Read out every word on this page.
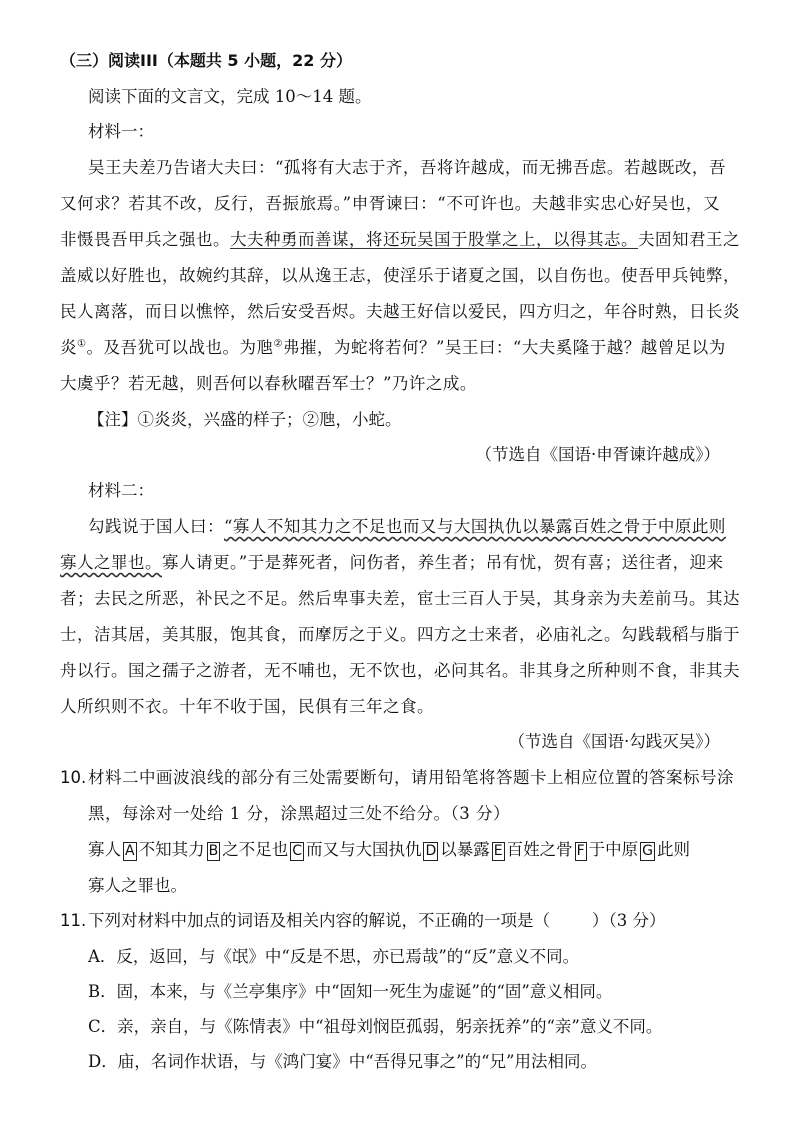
（三）阅读III（本题共 5 小题，22 分）
阅读下面的文言文，完成 10～14 题。
材料一：
吴王夫差乃告诸大夫曰：“孤将有大志于齐，吾将许越成，而无拂吾虑。若越既改，吾
又何求？若其不改，反行，吾振旅焉。”申胥谏曰：“不可许也。夫越非实忠心好吴也，又
非慑畏吾甲兵之强也。大夫种勇而善谋，将还玩吴国于股掌之上，以得其志。夫固知君王之
盖威以好胜也，故婉约其辞，以从逸王志，使淫乐于诸夏之国，以自伤也。使吾甲兵钝弊，
民人离落，而日以憔悴，然后安受吾烬。夫越王好信以爱民，四方归之，年谷时熟，日长炎
炎①。及吾犹可以战也。为虺②弗摧，为蛇将若何？”吴王曰：“大夫奚隆于越？越曾足以为
大虞乎？若无越，则吾何以春秋曜吾军士？”乃许之成。
【注】①炎炎，兴盛的样子；②虺，小蛇。
（节选自《国语·申胥谏许越成》）
材料二：
勾践说于国人曰：“寡人不知其力之不足也而又与大国执仇以暴露百姓之骨于中原此则
寡人之罪也。寡人请更。”于是葬死者，问伤者，养生者；吊有忧，贺有喜；送往者，迎来
者；去民之所恶，补民之不足。然后卑事夫差，宦士三百人于吴，其身亲为夫差前马。其达
士，洁其居，美其服，饱其食，而摩厉之于义。四方之士来者，必庙礼之。勾践载稻与脂于
舟以行。国之孺子之游者，无不哺也，无不饮也，必问其名。非其身之所种则不食，非其夫
人所织则不衣。十年不收于国，民俱有三年之食。
（节选自《国语·勾践灭吴》）
10. 材料二中画波浪线的部分有三处需要断句，请用铅笔将答题卡上相应位置的答案标号涂
黑，每涂对一处给 1 分，涂黑超过三处不给分。（3 分）
寡人 A 不知其力 B 之不足也 C 而又与大国执仇 D 以暴露 E 百姓之骨 F 于中原 G 此则
寡人之罪也。
11. 下列对材料中加点的词语及相关内容的解说，不正确的一项是（	）（3 分）
A．反，返回，与《氓》中“反是不思，亦已焉哉”的“反”意义不同。
B．固，本来，与《兰亭集序》中“固知一死生为虚诞”的“固”意义相同。
C．亲，亲自，与《陈情表》中“祖母刘悯臣孤弱，躬亲抚养”的“亲”意义不同。
D．庙，名词作状语，与《鸿门宴》中“吾得兄事之”的“兄”用法相同。
